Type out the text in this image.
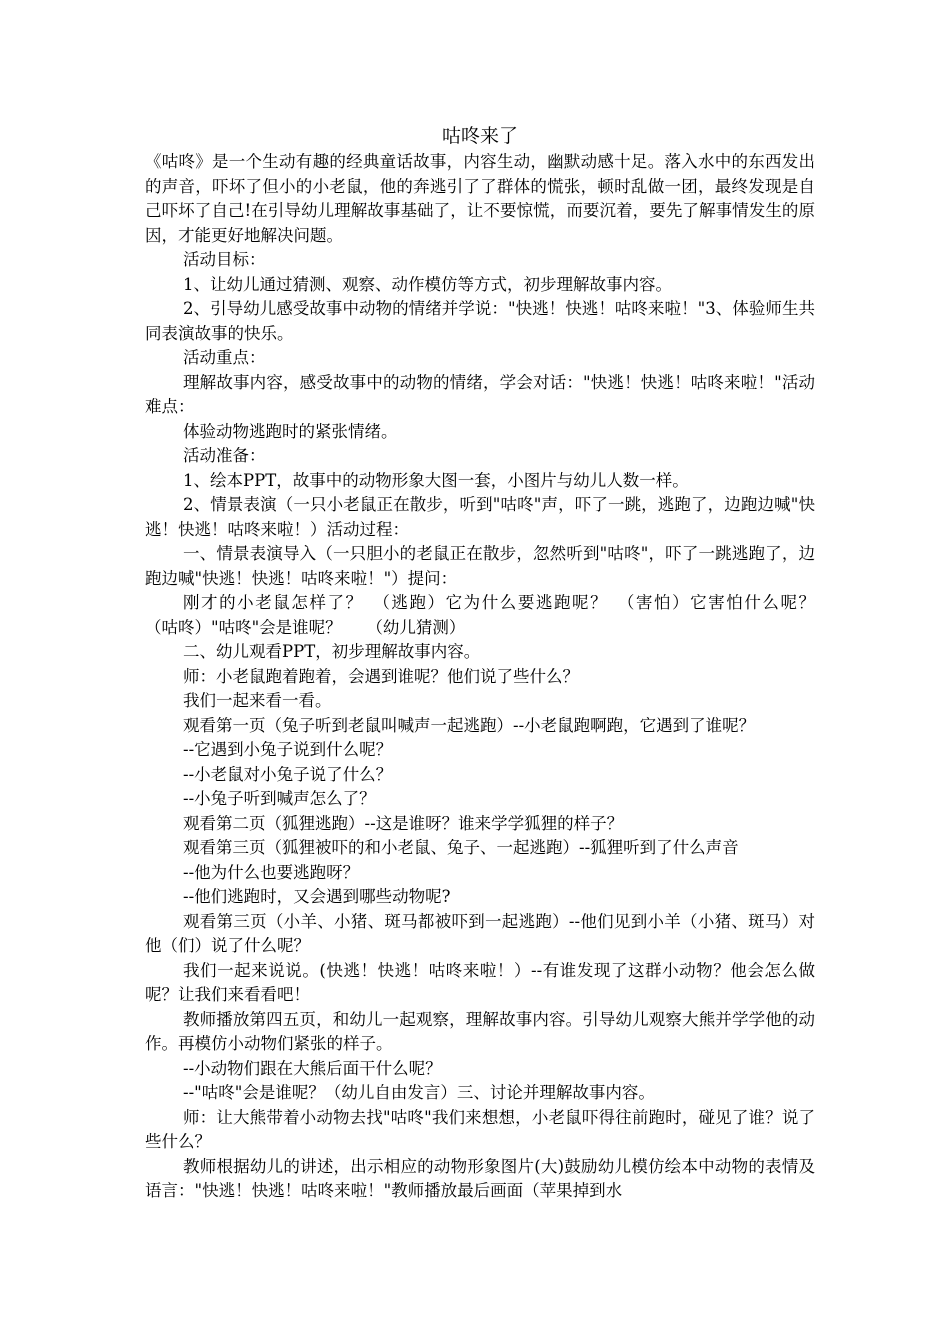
咕咚来了

《咕咚》是一个生动有趣的经典童话故事，内容生动，幽默动感十足。落入水中的东西发出的声音，吓坏了但小的小老鼠，他的奔逃引了了群体的慌张，顿时乱做一团，最终发现是自己吓坏了自己!在引导幼儿理解故事基础了，让不要惊慌，而要沉着，要先了解事情发生的原因，才能更好地解决问题。

活动目标：

1、让幼儿通过猜测、观察、动作模仿等方式，初步理解故事内容。

2、引导幼儿感受故事中动物的情绪并学说："快逃！快逃！咕咚来啦！"3、体验师生共同表演故事的快乐。

活动重点：

理解故事内容，感受故事中的动物的情绪，学会对话："快逃！快逃！咕咚来啦！"活动难点：

体验动物逃跑时的紧张情绪。

活动准备：

1、绘本PPT，故事中的动物形象大图一套，小图片与幼儿人数一样。

2、情景表演（一只小老鼠正在散步，听到"咕咚"声，吓了一跳，逃跑了，边跑边喊"快逃！快逃！咕咚来啦！）活动过程：

一、情景表演导入（一只胆小的老鼠正在散步，忽然听到"咕咚"，吓了一跳逃跑了，边跑边喊"快逃！快逃！咕咚来啦！"）提问：

刚才的小老鼠怎样了？　（逃跑）它为什么要逃跑呢？　（害怕）它害怕什么呢？　　（咕咚）"咕咚"会是谁呢？　　（幼儿猜测）

二、幼儿观看PPT，初步理解故事内容。

师：小老鼠跑着跑着，会遇到谁呢？他们说了些什么？

我们一起来看一看。

观看第一页（兔子听到老鼠叫喊声一起逃跑）--小老鼠跑啊跑，它遇到了谁呢？

--它遇到小兔子说到什么呢？

--小老鼠对小兔子说了什么？

--小兔子听到喊声怎么了？

观看第二页（狐狸逃跑）--这是谁呀？谁来学学狐狸的样子？

观看第三页（狐狸被吓的和小老鼠、兔子、一起逃跑）--狐狸听到了什么声音

--他为什么也要逃跑呀？

--他们逃跑时，又会遇到哪些动物呢?

观看第三页（小羊、小猪、斑马都被吓到一起逃跑）--他们见到小羊（小猪、斑马）对他（们）说了什么呢？

我们一起来说说。(快逃！快逃！咕咚来啦！）--有谁发现了这群小动物？他会怎么做呢？让我们来看看吧！

教师播放第四五页，和幼儿一起观察，理解故事内容。引导幼儿观察大熊并学学他的动作。再模仿小动物们紧张的样子。

--小动物们跟在大熊后面干什么呢？

--"咕咚"会是谁呢？（幼儿自由发言）三、讨论并理解故事内容。

师：让大熊带着小动物去找"咕咚"我们来想想，小老鼠吓得往前跑时，碰见了谁？说了些什么？

教师根据幼儿的讲述，出示相应的动物形象图片(大)鼓励幼儿模仿绘本中动物的表情及语言："快逃！快逃！咕咚来啦！"教师播放最后画面（苹果掉到水
